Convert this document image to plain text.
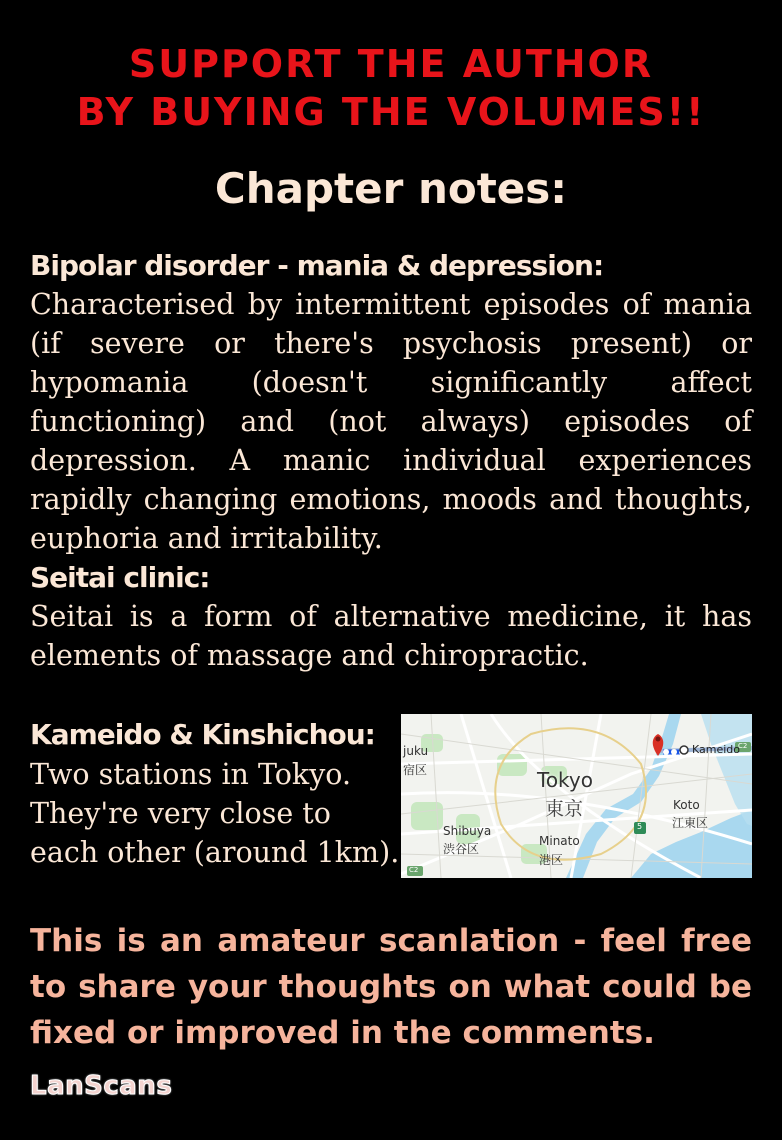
SUPPORT THE AUTHOR
BY BUYING THE VOLUMES!!
Chapter notes:
Bipolar disorder - mania & depression:
Characterised by intermittent episodes of mania (if severe or there's psychosis present) or hypomania (doesn't significantly affect functioning) and (not always) episodes of depression. A manic individual experiences rapidly changing emotions, moods and thoughts, euphoria and irritability.
Seitai clinic:
Seitai is a form of alternative medicine, it has elements of massage and chiropractic.
Kameido & Kinshichou:
Two stations in Tokyo.
They're very close to
each other (around 1km).
juku
宿区	Tokyo
東京
Kameido
Koto
江東区
Shibuya
渋谷区
Minato
港区
C2
C2
5
This is an amateur scanlation - feel free to share your thoughts on what could be fixed or improved in the comments.
LanScans
